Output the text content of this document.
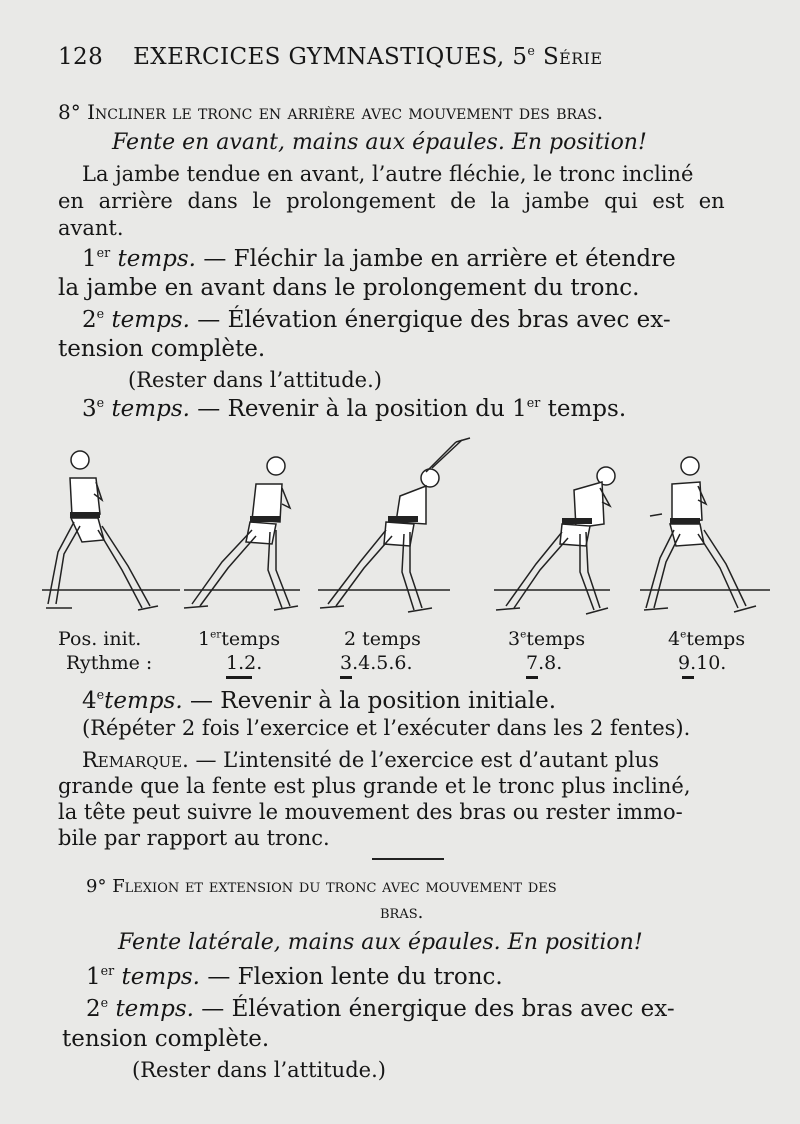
128 EXERCICES GYMNASTIQUES, 5e Série
8° Incliner le tronc en arrière avec mouvement des bras.
Fente en avant, mains aux épaules. En position!
La jambe tendue en avant, l’autre fléchie, le tronc incliné
en arrière dans le prolongement de la jambe qui est en
avant.
1er temps. — Fléchir la jambe en arrière et étendre
la jambe en avant dans le prolongement du tronc.
2e temps. — Élévation énergique des bras avec ex-
tension complète.
(Rester dans l’attitude.)
3e temps. — Revenir à la position du 1er temps.
Pos. init.	1ertemps	2 temps	3etemps	4etemps
Rythme :	1.2.	3.4.5.6.	7.8.	9.10.
4etemps. — Revenir à la position initiale.
(Répéter 2 fois l’exercice et l’exécuter dans les 2 fentes).
Remarque. — L’intensité de l’exercice est d’autant plus
grande que la fente est plus grande et le tronc plus incliné,
la tête peut suivre le mouvement des bras ou rester immo-
bile par rapport au tronc.
9° Flexion et extension du tronc avec mouvement des
bras.
Fente latérale, mains aux épaules. En position!
1er temps. — Flexion lente du tronc.
2e temps. — Élévation énergique des bras avec ex-
tension complète.
(Rester dans l’attitude.)
